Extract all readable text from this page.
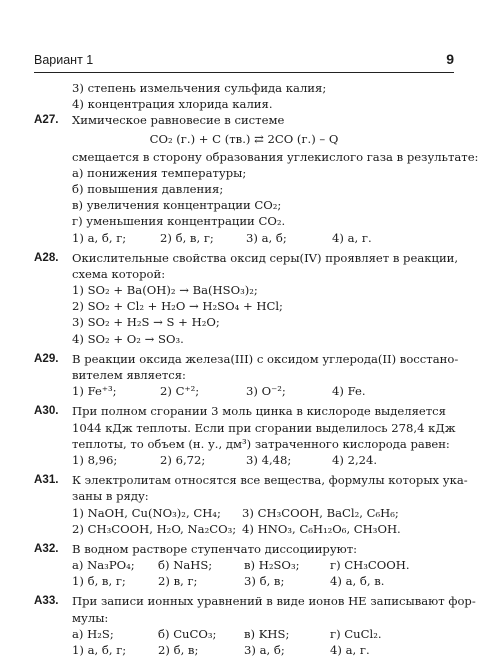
Вариант 1	9
3) степень измельчения сульфида калия;
4) концентрация хлорида калия.
А27. Химическое равновесие в системе
CO₂ (г.) + C (тв.) ⇄ 2CO (г.) – Q
смещается в сторону образования углекислого газа в результате:
а) понижения температуры;
б) повышения давления;
в) увеличения концентрации CO₂;
г) уменьшения концентрации CO₂.
1) а, б, г;	2) б, в, г;	3) а, б;	4) а, г.
А28. Окислительные свойства оксид серы(IV) проявляет в реакции,
схема которой:
1) SO₂ + Ba(OH)₂ → Ba(HSO₃)₂;
2) SO₂ + Cl₂ + H₂O → H₂SO₄ + HCl;
3) SO₂ + H₂S → S + H₂O;
4) SO₂ + O₂ → SO₃.
А29. В реакции оксида железа(III) с оксидом углерода(II) восстано-
вителем является:
1) Fe⁺³;	2) C⁺²;	3) O⁻²;	4) Fe.
А30. При полном сгорании 3 моль цинка в кислороде выделяется
1044 кДж теплоты. Если при сгорании выделилось 278,4 кДж
теплоты, то объем (н. у., дм³) затраченного кислорода равен:
1) 8,96;	2) 6,72;	3) 4,48;	4) 2,24.
А31. К электролитам относятся все вещества, формулы которых ука-
заны в ряду:
1) NaOH, Cu(NO₃)₂, CH₄;	3) CH₃COOH, BaCl₂, C₆H₆;
2) CH₃COOH, H₂O, Na₂CO₃; 4) HNO₃, C₆H₁₂O₆, CH₃OH.
А32. В водном растворе ступенчато диссоциируют:
а) Na₃PO₄;	б) NaHS;	в) H₂SO₃;	г) CH₃COOH.
1) б, в, г;	2) в, г;	3) б, в;	4) а, б, в.
А33. При записи ионных уравнений в виде ионов НЕ записывают фор-
мулы:
а) H₂S;	б) CuCO₃;	в) KHS;	г) CuCl₂.
1) а, б, г;	2) б, в;	3) а, б;	4) а, г.
